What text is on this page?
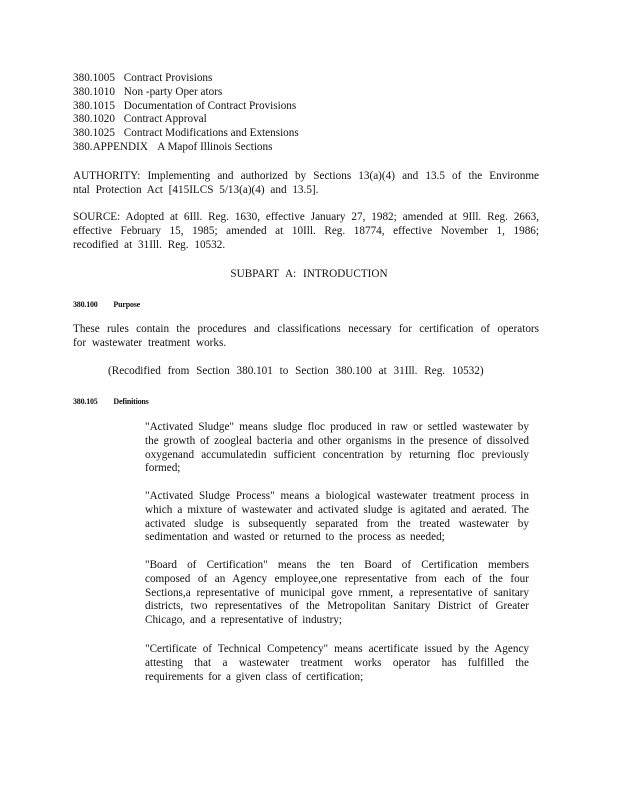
380.1005 Contract Provisions
380.1010 Non -party Oper ators
380.1015 Documentation of Contract Provisions
380.1020 Contract Approval
380.1025 Contract Modifications and Extensions
380.APPENDIX A Mapof Illinois Sections
AUTHORITY: Implementing and authorized by Sections 13(a)(4) and 13.5 of the Environme ntal Protection Act [415ILCS 5/13(a)(4) and 13.5].
SOURCE: Adopted at 6Ill. Reg. 1630, effective January 27, 1982; amended at 9Ill. Reg. 2663, effective February 15, 1985; amended at 10Ill. Reg. 18774, effective November 1, 1986; recodified at 31Ill. Reg. 10532.
SUBPART A: INTRODUCTION
380.100 Purpose
These rules contain the procedures and classifications necessary for certification of operators for wastewater treatment works.
(Recodified from Section 380.101 to Section 380.100 at 31Ill. Reg. 10532)
380.105 Definitions
"Activated Sludge" means sludge floc produced in raw or settled wastewater by the growth of zoogleal bacteria and other organisms in the presence of dissolved oxygenand accumulatedin sufficient concentration by returning floc previously formed;
"Activated Sludge Process" means a biological wastewater treatment process in which a mixture of wastewater and activated sludge is agitated and aerated. The activated sludge is subsequently separated from the treated wastewater by sedimentation and wasted or returned to the process as needed;
"Board of Certification" means the ten Board of Certification members composed of an Agency employee,one representative from each of the four Sections,a representative of municipal gove rnment, a representative of sanitary districts, two representatives of the Metropolitan Sanitary District of Greater Chicago, and a representative of industry;
"Certificate of Technical Competency" means acertificate issued by the Agency attesting that a wastewater treatment works operator has fulfilled the requirements for a given class of certification;
